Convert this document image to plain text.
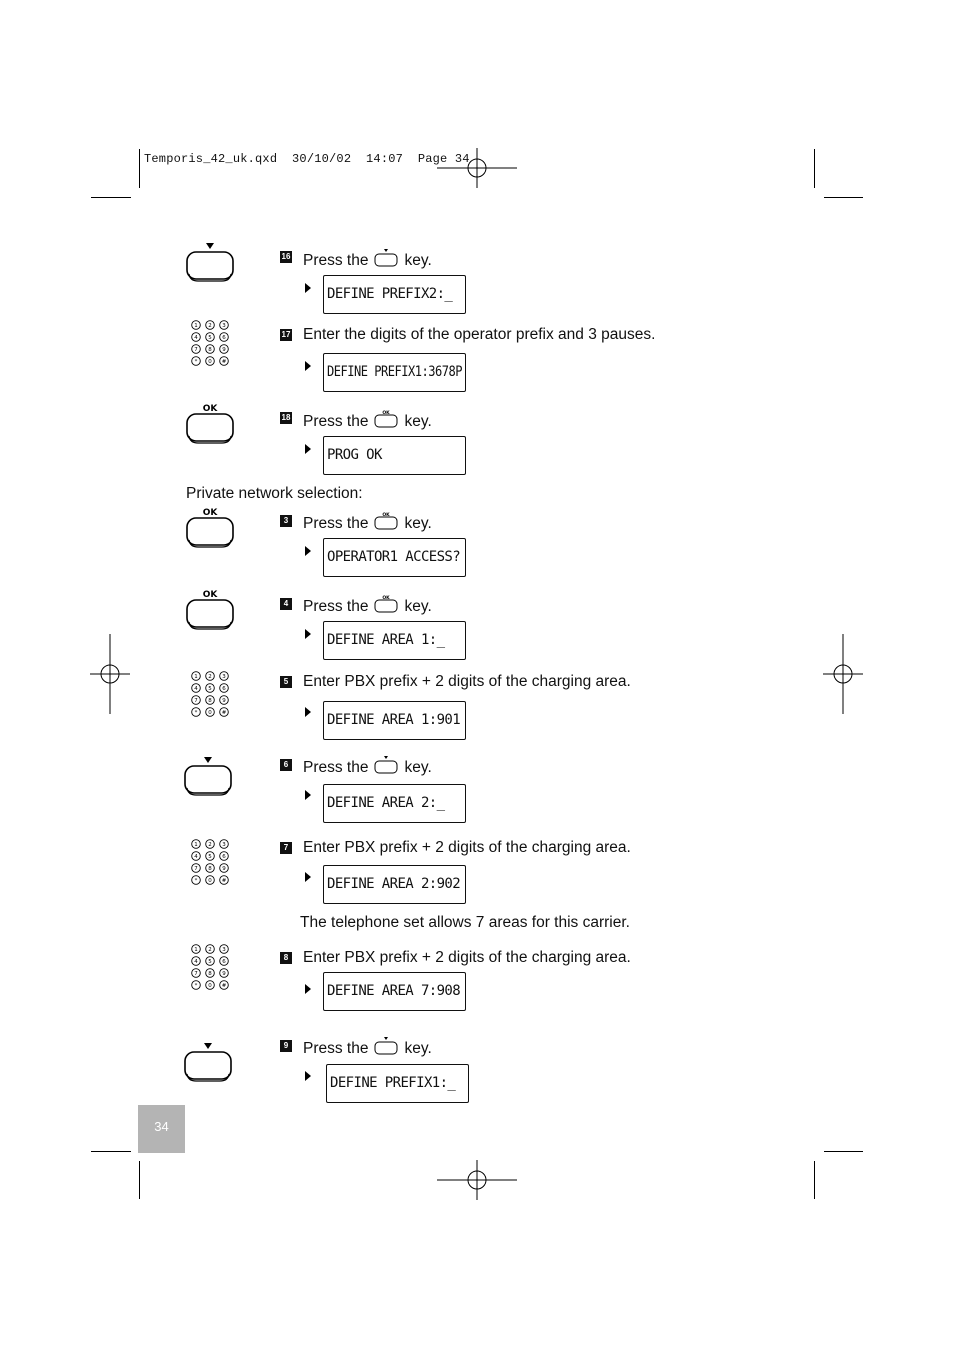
Temporis_42_uk.qxd  30/10/02  14:07  Page 34
16 Press the key.
DEFINE PREFIX2:_
17 Enter the digits of the operator prefix and 3 pauses.
DEFINE PREFIX1:3678P
18 Press the key.
PROG OK
Private network selection:
3 Press the key.
OPERATOR1 ACCESS?
4 Press the key.
DEFINE AREA 1:_
5 Enter PBX prefix + 2 digits of the charging area.
DEFINE AREA 1:901
6 Press the key.
DEFINE AREA 2:_
7 Enter PBX prefix + 2 digits of the charging area.
DEFINE AREA 2:902
The telephone set allows 7 areas for this carrier.
8 Enter PBX prefix + 2 digits of the charging area.
DEFINE AREA 7:908
9 Press the key.
DEFINE PREFIX1:_
34
